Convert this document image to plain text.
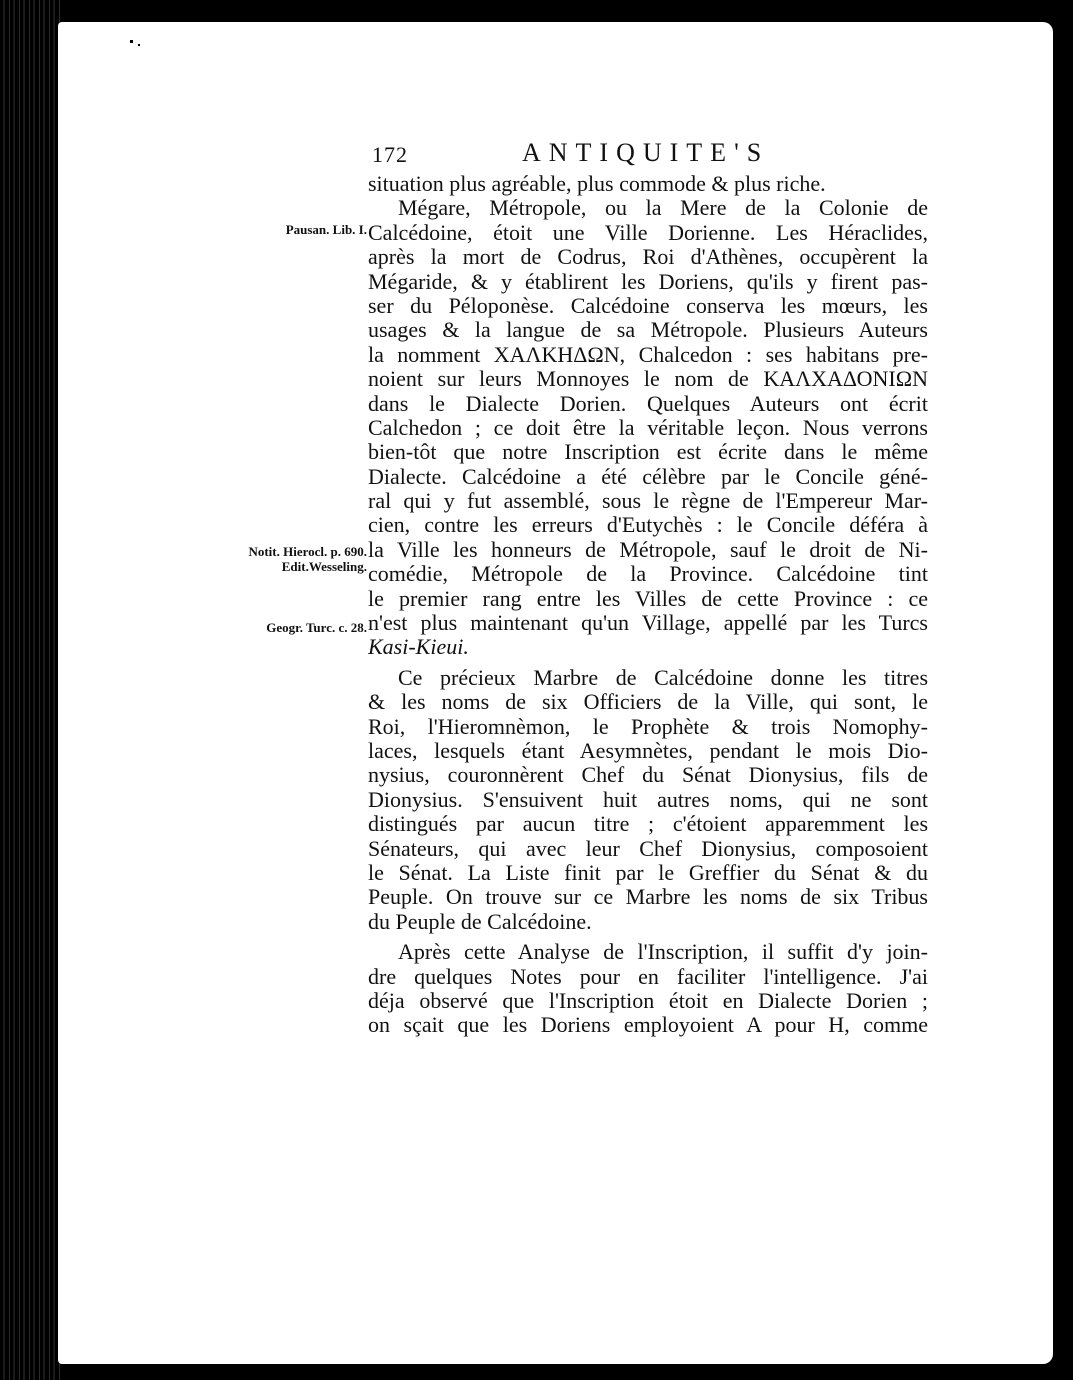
172	ANTIQUITE'S
Pausan. Lib. I.
Notit. Hierocl. p. 690. Edit.Wesseling.
Geogr. Turc. c. 28.
situation plus agréable, plus commode & plus riche.
Mégare, Métropole, ou la Mere de la Colonie de
Calcédoine, étoit une Ville Dorienne. Les Héraclides,
après la mort de Codrus, Roi d'Athènes, occupèrent la
Mégaride, & y établirent les Doriens, qu'ils y firent pas-
ser du Péloponèse. Calcédoine conserva les mœurs, les
usages & la langue de sa Métropole. Plusieurs Auteurs
la nomment ΧΑΛΚΗΔΩΝ, Chalcedon : ses habitans pre-
noient sur leurs Monnoyes le nom de ΚΑΛΧΑΔΟΝΙΩΝ
dans le Dialecte Dorien. Quelques Auteurs ont écrit
Calchedon ; ce doit être la véritable leçon. Nous verrons
bien-tôt que notre Inscription est écrite dans le même
Dialecte. Calcédoine a été célèbre par le Concile géné-
ral qui y fut assemblé, sous le règne de l'Empereur Mar-
cien, contre les erreurs d'Eutychès : le Concile déféra à
la Ville les honneurs de Métropole, sauf le droit de Ni-
comédie, Métropole de la Province. Calcédoine tint
le premier rang entre les Villes de cette Province : ce
n'est plus maintenant qu'un Village, appellé par les Turcs
Kasi-Kieui.
Ce précieux Marbre de Calcédoine donne les titres
& les noms de six Officiers de la Ville, qui sont, le
Roi, l'Hieromnèmon, le Prophète & trois Nomophy-
laces, lesquels étant Aesymnètes, pendant le mois Dio-
nysius, couronnèrent Chef du Sénat Dionysius, fils de
Dionysius. S'ensuivent huit autres noms, qui ne sont
distingués par aucun titre ; c'étoient apparemment les
Sénateurs, qui avec leur Chef Dionysius, composoient
le Sénat. La Liste finit par le Greffier du Sénat & du
Peuple. On trouve sur ce Marbre les noms de six Tribus
du Peuple de Calcédoine.
Après cette Analyse de l'Inscription, il suffit d'y join-
dre quelques Notes pour en faciliter l'intelligence. J'ai
déja observé que l'Inscription étoit en Dialecte Dorien ;
on sçait que les Doriens employoient A pour H, comme
